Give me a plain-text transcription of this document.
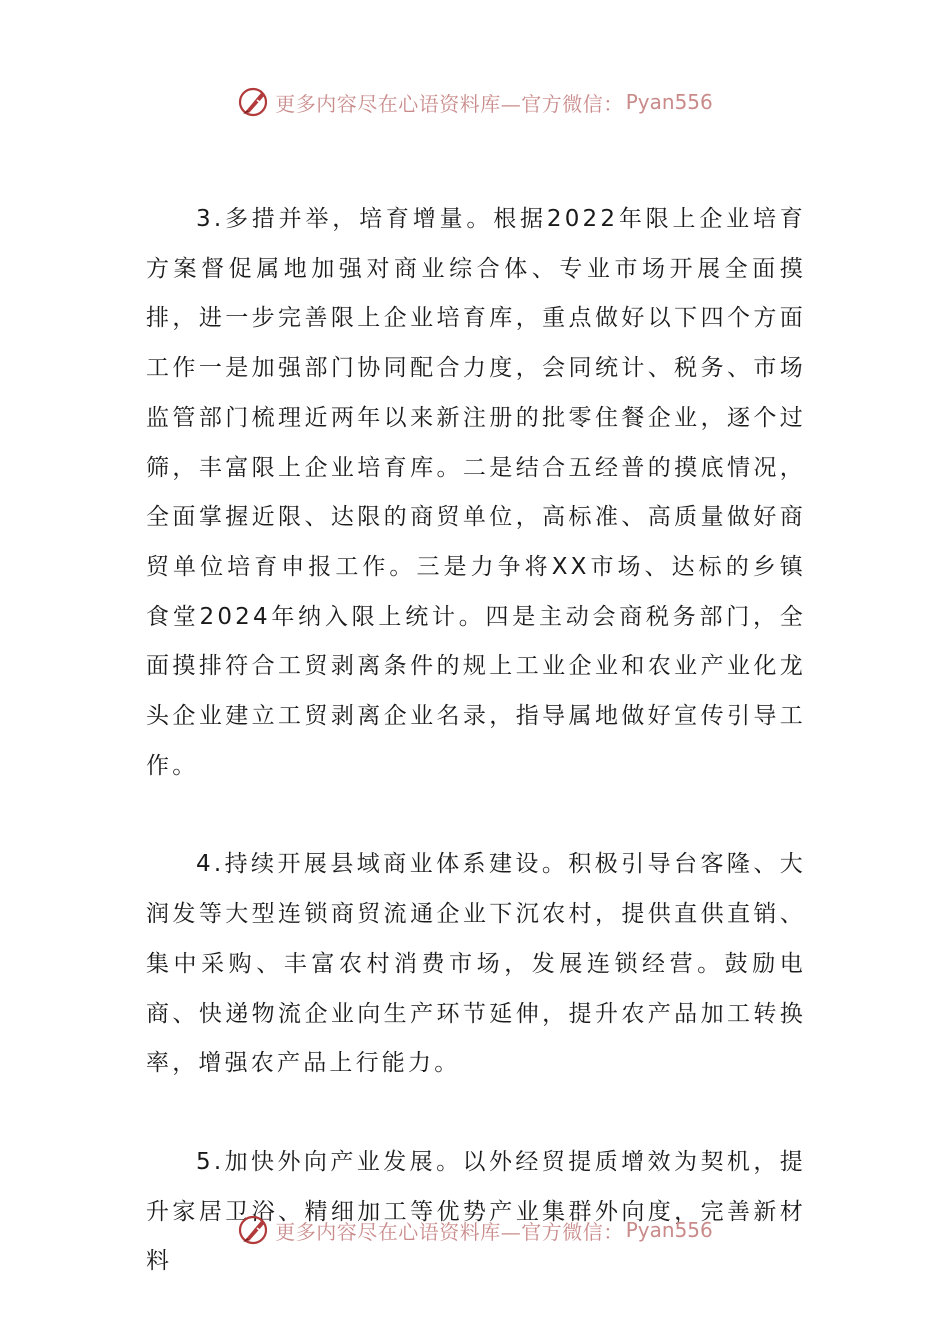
更多内容尽在心语资料库—官方微信： Pyan556

3.多措并举，培育增量。根据2022年限上企业培育方案督促属地加强对商业综合体、专业市场开展全面摸排，进一步完善限上企业培育库，重点做好以下四个方面工作一是加强部门协同配合力度，会同统计、税务、市场监管部门梳理近两年以来新注册的批零住餐企业，逐个过筛，丰富限上企业培育库。二是结合五经普的摸底情况，全面掌握近限、达限的商贸单位，高标准、高质量做好商贸单位培育申报工作。三是力争将XX市场、达标的乡镇食堂2024年纳入限上统计。四是主动会商税务部门，全面摸排符合工贸剥离条件的规上工业企业和农业产业化龙头企业建立工贸剥离企业名录，指导属地做好宣传引导工作。

4.持续开展县域商业体系建设。积极引导台客隆、大润发等大型连锁商贸流通企业下沉农村，提供直供直销、集中采购、丰富农村消费市场，发展连锁经营。鼓励电商、快递物流企业向生产环节延伸，提升农产品加工转换率，增强农产品上行能力。

5.加快外向产业发展。以外经贸提质增效为契机，提升家居卫浴、精细加工等优势产业集群外向度，完善新材料

更多内容尽在心语资料库—官方微信： Pyan556
